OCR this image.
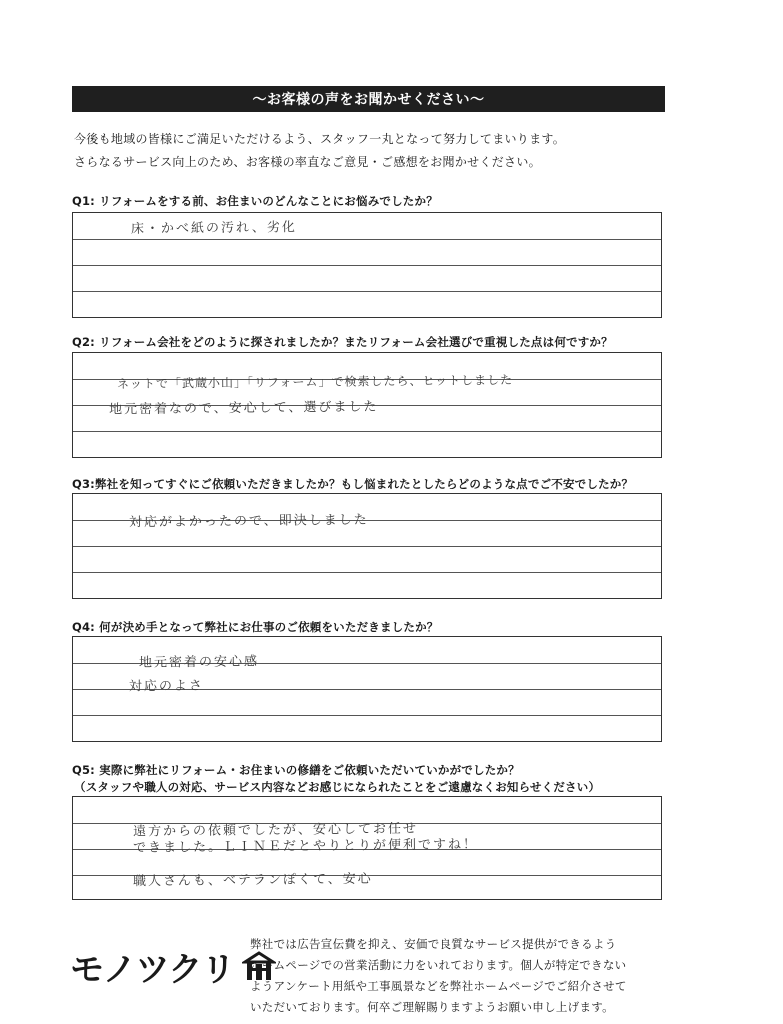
～お客様の声をお聞かせください～

今後も地域の皆様にご満足いただけるよう、スタッフ一丸となって努力してまいります。

さらなるサービス向上のため、お客様の率直なご意見・ご感想をお聞かせください。

Q1: リフォームをする前、お住まいのどんなことにお悩みでしたか？
床・かべ紙の汚れ、劣化
Q2: リフォーム会社をどのように探されましたか？またリフォーム会社選びで重視した点は何ですか？
ネットで「武蔵小山」「リフォーム」で検索したら、ヒットしました
地元密着なので、安心して、選びました
Q3:弊社を知ってすぐにご依頼いただきましたか？もし悩まれたとしたらどのような点でご不安でしたか？
対応がよかったので、即決しました
Q4: 何が決め手となって弊社にお仕事のご依頼をいただきましたか？
地元密着の安心感
対応のよさ
Q5: 実際に弊社にリフォーム・お住まいの修繕をご依頼いただいていかがでしたか？
（スタッフや職人の対応、サービス内容などお感じになられたことをご遠慮なくお知らせください）
遠方からの依頼でしたが、安心してお任せ
できました。ＬＩＮＥだとやりとりが便利ですね！
職人さんも、ベテランぽくて、安心
モノツクリ

弊社では広告宣伝費を抑え、安価で良質なサービス提供ができるよう

ホームページでの営業活動に力をいれております。個人が特定できない

ようアンケート用紙や工事風景などを弊社ホームページでご紹介させて

いただいております。何卒ご理解賜りますようお願い申し上げます。
